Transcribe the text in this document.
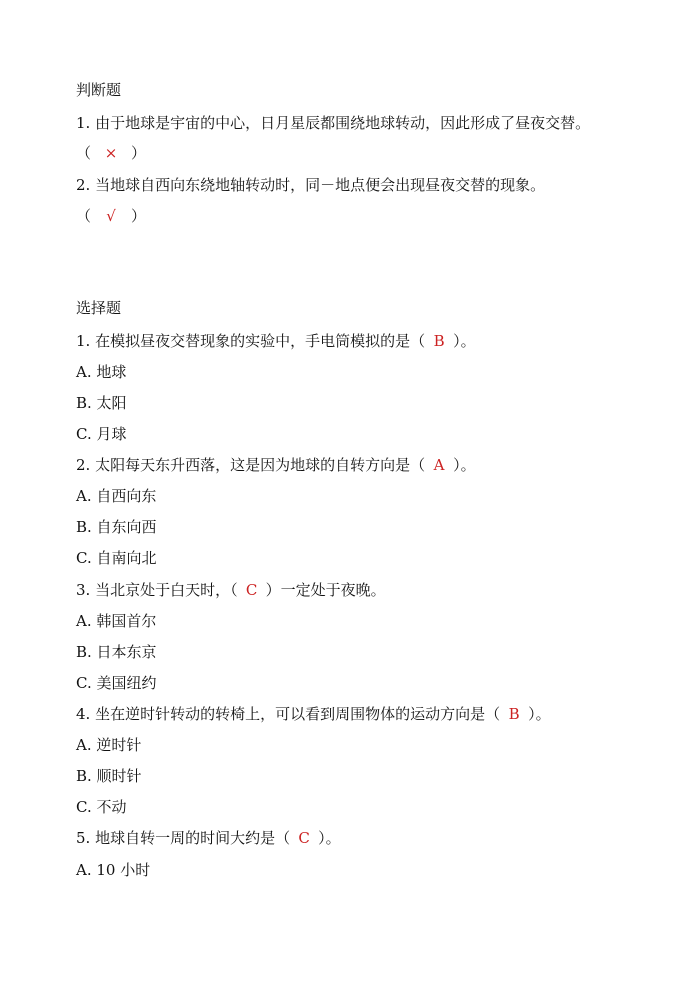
判断题
1. 由于地球是宇宙的中心，日月星辰都围绕地球转动，因此形成了昼夜交替。
（ × ）
2. 当地球自西向东绕地轴转动时，同－地点便会出现昼夜交替的现象。
（ √ ）
选择题
1. 在模拟昼夜交替现象的实验中，手电筒模拟的是（ B ）。
A. 地球
B. 太阳
C. 月球
2. 太阳每天东升西落，这是因为地球的自转方向是（ A ）。
A. 自西向东
B. 自东向西
C. 自南向北
3. 当北京处于白天时，（ C ）一定处于夜晚。
A. 韩国首尔
B. 日本东京
C. 美国纽约
4. 坐在逆时针转动的转椅上，可以看到周围物体的运动方向是（ B ）。
A. 逆时针
B. 顺时针
C. 不动
5. 地球自转一周的时间大约是（ C ）。
A. 10 小时
